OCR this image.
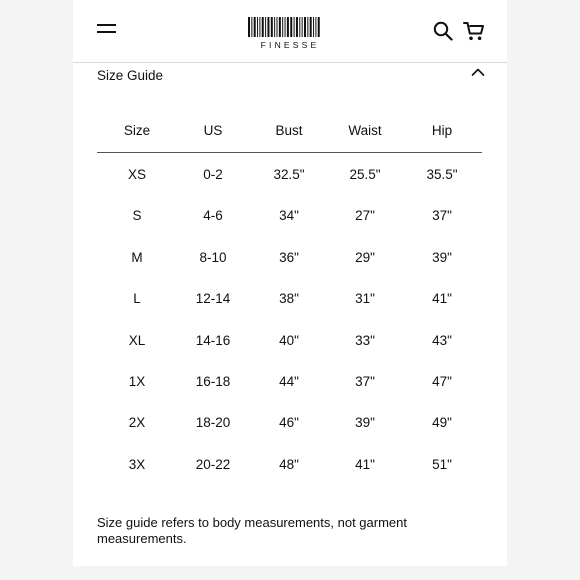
FINESSE
Size Guide
Size	US	Bust	Waist	Hip
XS	0-2	32.5"	25.5"	35.5"
S	4-6	34"	27"	37"
M	8-10	36"	29"	39"
L	12-14	38"	31"	41"
XL	14-16	40"	33"	43"
1X	16-18	44"	37"	47"
2X	18-20	46"	39"	49"
3X	20-22	48"	41"	51"
Size guide refers to body measurements, not garment measurements.
